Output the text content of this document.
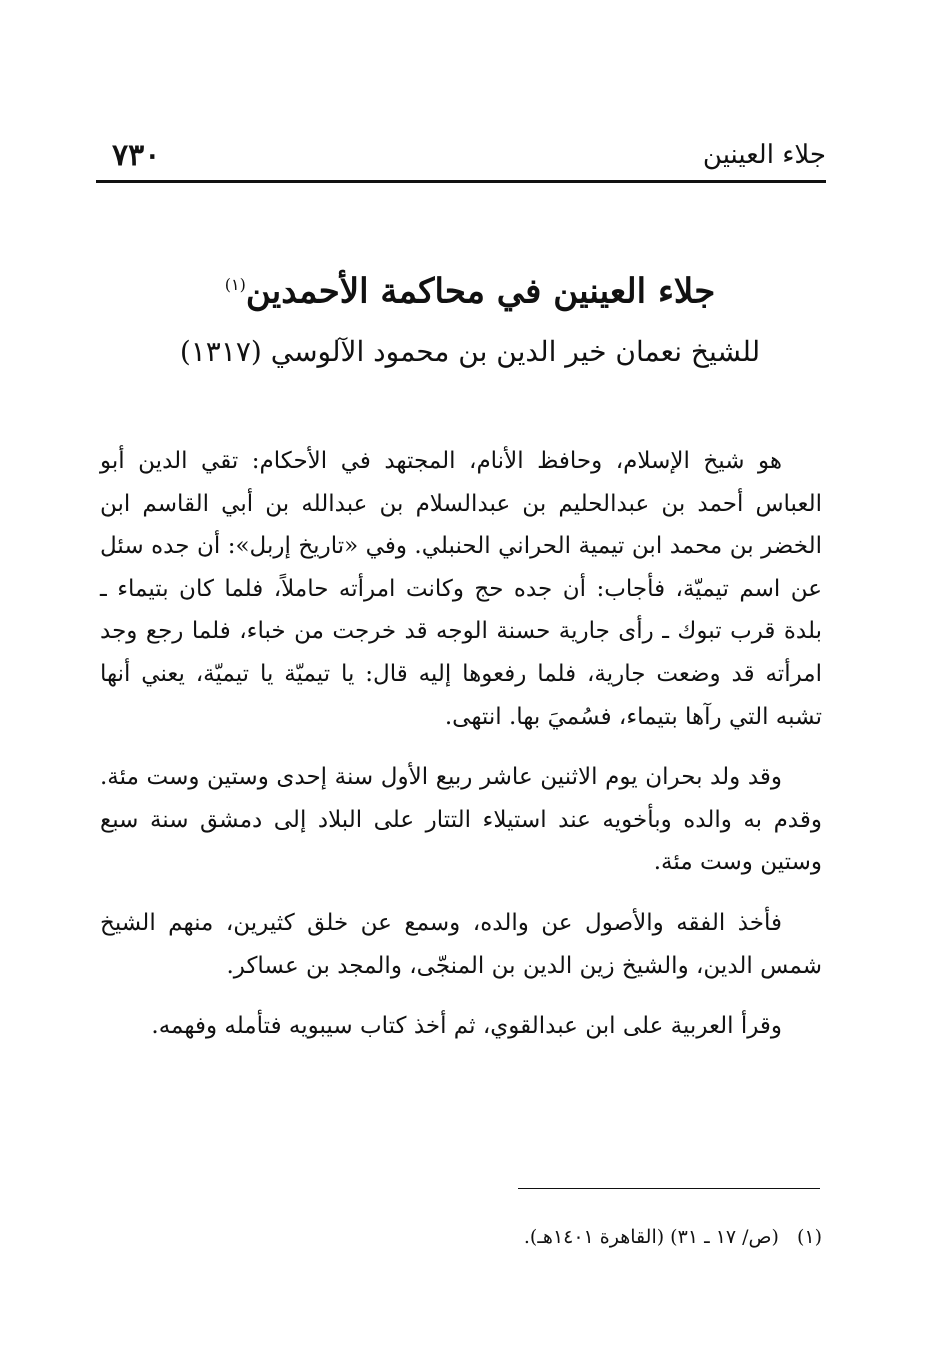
جلاء العينين
٧٣٠
جلاء العينين في محاكمة الأحمدين$^{(١)}$
للشيخ نعمان خير الدين بن محمود الآلوسي (١٣١٧)

هو شيخ الإسلام، وحافظ الأنام، المجتهد في الأحكام: تقي الدين أبو العباس أحمد بن عبدالحليم بن عبدالسلام بن عبدالله بن أبي القاسم ابن الخضر بن محمد ابن تيمية الحراني الحنبلي. وفي «تاريخ إربل»: أن جده سئل عن اسم تيميّة، فأجاب: أن جده حج وكانت امرأته حاملاً، فلما كان بتيماء ـ بلدة قرب تبوك ـ رأى جارية حسنة الوجه قد خرجت من خباء، فلما رجع وجد امرأته قد وضعت جارية، فلما رفعوها إليه قال: يا تيميّة يا تيميّة، يعني أنها تشبه التي رآها بتيماء، فسُميَ بها. انتهى.

وقد ولد بحران يوم الاثنين عاشر ربيع الأول سنة إحدى وستين وست مئة. وقدم به والده وبأخويه عند استيلاء التتار على البلاد إلى دمشق سنة سبع وستين وست مئة.

فأخذ الفقه والأصول عن والده، وسمع عن خلق كثيرين، منهم الشيخ شمس الدين، والشيخ زين الدين بن المنجّى، والمجد بن عساكر.

وقرأ العربية على ابن عبدالقوي، ثم أخذ كتاب سيبويه فتأمله وفهمه.

(١)(ص/ ١٧ ـ ٣١) (القاهرة ١٤٠١هـ).
